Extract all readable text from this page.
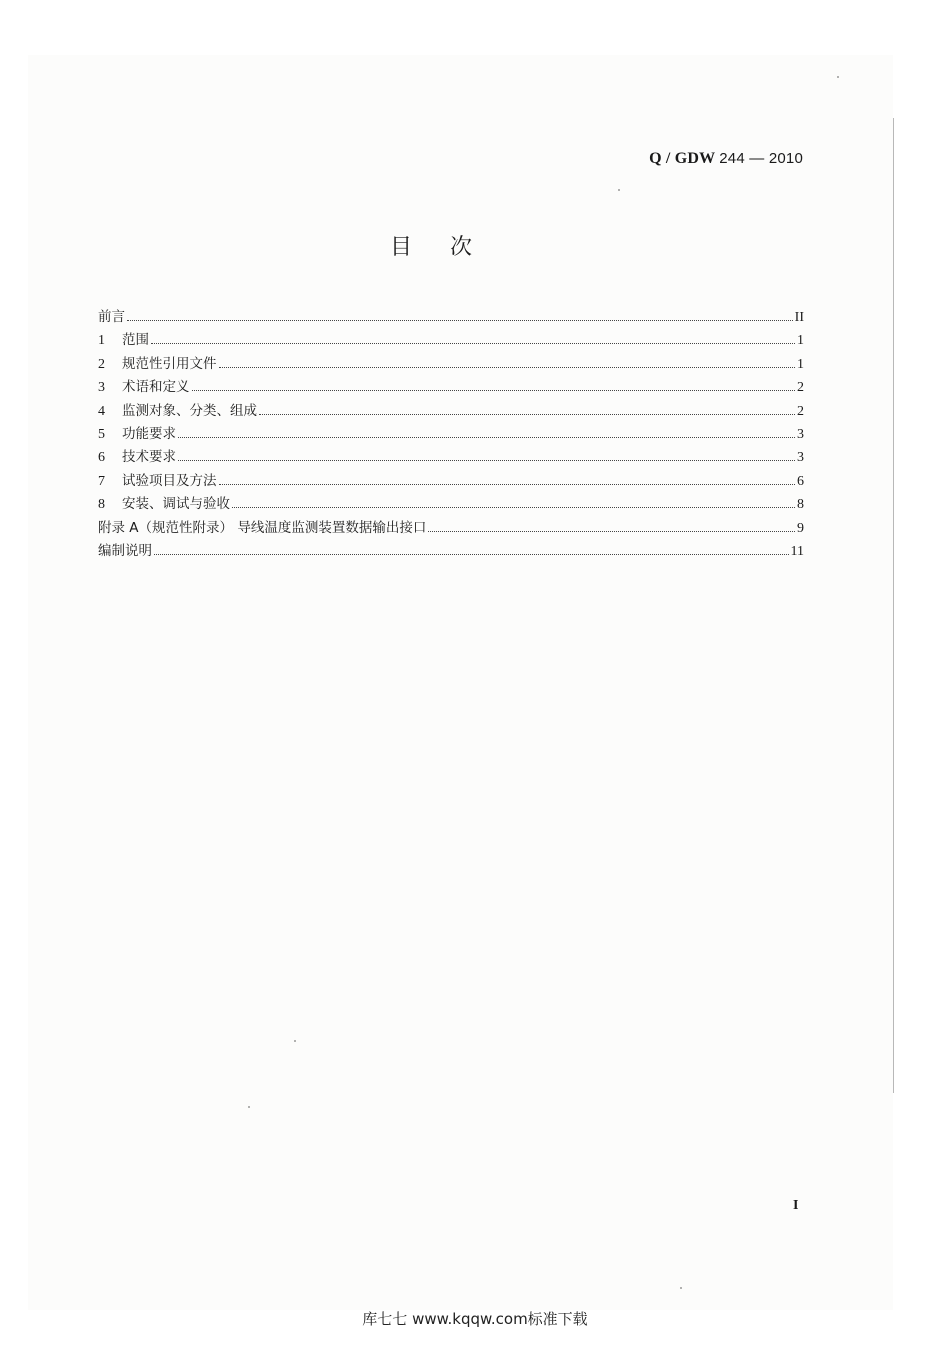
Q / GDW 244 — 2010
目次
前言	II
1	范围	1
2	规范性引用文件	1
3	术语和定义	2
4	监测对象、分类、组成	2
5	功能要求	3
6	技术要求	3
7	试验项目及方法	6
8	安装、调试与验收	8
附录 A（规范性附录） 导线温度监测装置数据输出接口	9
编制说明	11
I
库七七 www.kqqw.com标准下载
